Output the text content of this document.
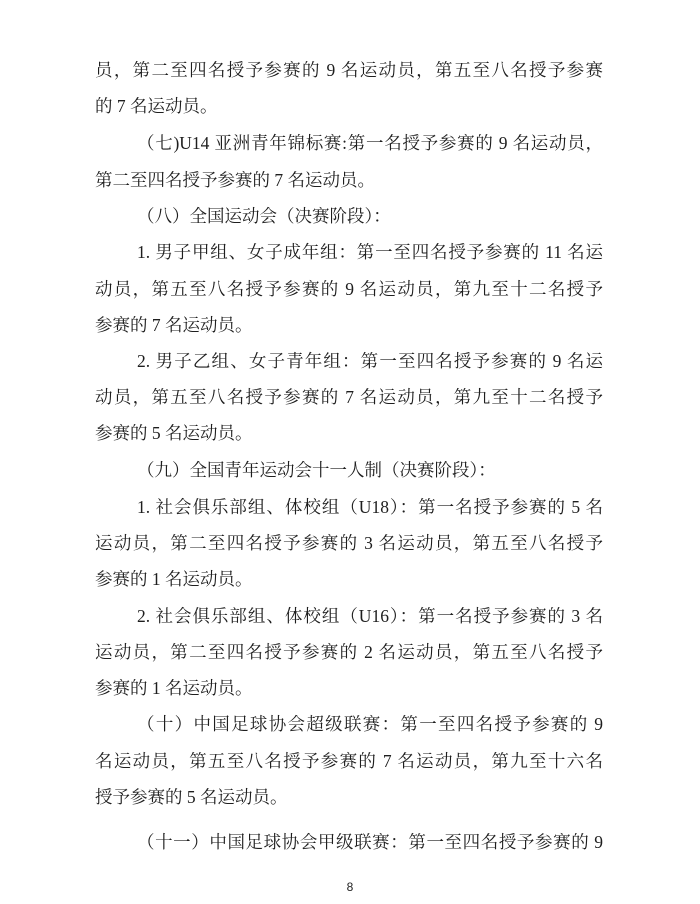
员，第二至四名授予参赛的 9 名运动员，第五至八名授予参赛
的 7 名运动员。
（七)U14 亚洲青年锦标赛:第一名授予参赛的 9 名运动员，
第二至四名授予参赛的 7 名运动员。
（八）全国运动会（决赛阶段）：
1. 男子甲组、女子成年组：第一至四名授予参赛的 11 名运
动员，第五至八名授予参赛的 9 名运动员，第九至十二名授予
参赛的 7 名运动员。
2. 男子乙组、女子青年组：第一至四名授予参赛的 9 名运
动员，第五至八名授予参赛的 7 名运动员，第九至十二名授予
参赛的 5 名运动员。
（九）全国青年运动会十一人制（决赛阶段）：
1. 社会俱乐部组、体校组（U18）：第一名授予参赛的 5 名
运动员，第二至四名授予参赛的 3 名运动员，第五至八名授予
参赛的 1 名运动员。
2. 社会俱乐部组、体校组（U16）：第一名授予参赛的 3 名
运动员，第二至四名授予参赛的 2 名运动员，第五至八名授予
参赛的 1 名运动员。
（十）中国足球协会超级联赛：第一至四名授予参赛的 9
名运动员，第五至八名授予参赛的 7 名运动员，第九至十六名
授予参赛的 5 名运动员。
（十一）中国足球协会甲级联赛：第一至四名授予参赛的 9
8
